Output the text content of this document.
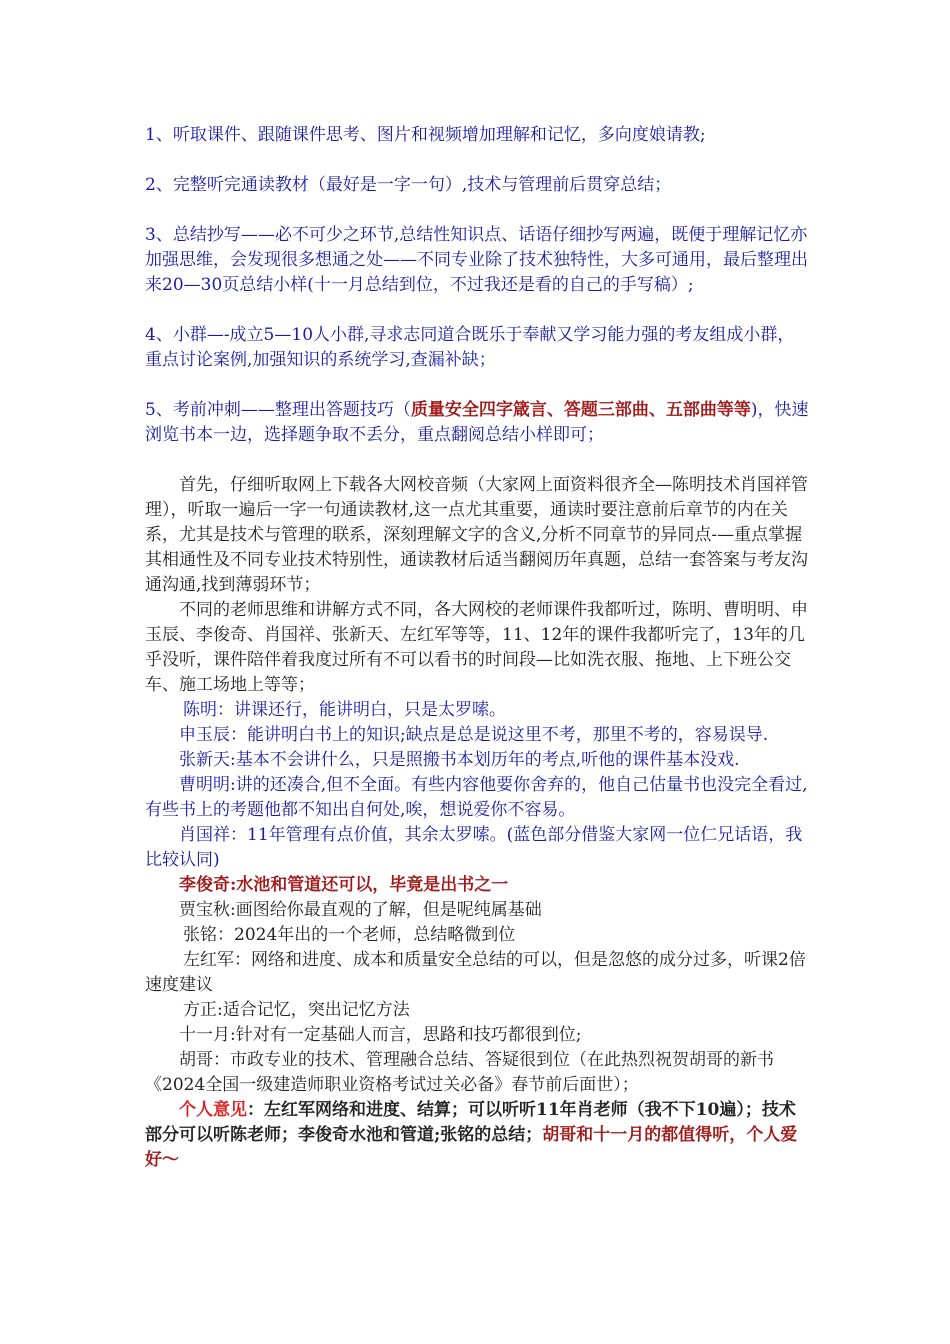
1、听取课件、跟随课件思考、图片和视频增加理解和记忆，多向度娘请教;

2、完整听完通读教材（最好是一字一句）,技术与管理前后贯穿总结；

3、总结抄写——必不可少之环节,总结性知识点、话语仔细抄写两遍，既便于理解记忆亦加强思维，会发现很多想通之处——不同专业除了技术独特性，大多可通用，最后整理出来20—30页总结小样(十一月总结到位，不过我还是看的自己的手写稿）;

4、小群—-成立5—10人小群,寻求志同道合既乐于奉献又学习能力强的考友组成小群，重点讨论案例,加强知识的系统学习,查漏补缺；

5、考前冲刺——整理出答题技巧（质量安全四字箴言、答题三部曲、五部曲等等)，快速浏览书本一边，选择题争取不丢分，重点翻阅总结小样即可；

首先，仔细听取网上下载各大网校音频（大家网上面资料很齐全—陈明技术肖国祥管理），听取一遍后一字一句通读教材,这一点尤其重要，通读时要注意前后章节的内在关系，尤其是技术与管理的联系，深刻理解文字的含义,分析不同章节的异同点-—重点掌握其相通性及不同专业技术特别性，通读教材后适当翻阅历年真题，总结一套答案与考友沟通沟通,找到薄弱环节；

不同的老师思维和讲解方式不同，各大网校的老师课件我都听过，陈明、曹明明、申玉辰、李俊奇、肖国祥、张新天、左红军等等，11、12年的课件我都听完了，13年的几乎没听，课件陪伴着我度过所有不可以看书的时间段—比如洗衣服、拖地、上下班公交车、施工场地上等等；

陈明：讲课还行，能讲明白，只是太罗嗦。

申玉辰：能讲明白书上的知识;缺点是总是说这里不考，那里不考的，容易误导.

张新天:基本不会讲什么，只是照搬书本划历年的考点,听他的课件基本没戏.

曹明明:讲的还凑合,但不全面。有些内容他要你舍弃的，他自己估量书也没完全看过,有些书上的考题他都不知出自何处,唉，想说爱你不容易。

肖国祥：11年管理有点价值，其余太罗嗦。(蓝色部分借鉴大家网一位仁兄话语，我比较认同)

李俊奇:水池和管道还可以，毕竟是出书之一

贾宝秋:画图给你最直观的了解，但是呢纯属基础

张铭：2024年出的一个老师，总结略微到位

左红军：网络和进度、成本和质量安全总结的可以，但是忽悠的成分过多，听课2倍速度建议

方正:适合记忆，突出记忆方法

十一月:针对有一定基础人而言，思路和技巧都很到位;

胡哥：市政专业的技术、管理融合总结、答疑很到位（在此热烈祝贺胡哥的新书《2024全国一级建造师职业资格考试过关必备》春节前后面世）；

个人意见：左红军网络和进度、结算；可以听听11年肖老师（我不下10遍）；技术部分可以听陈老师；李俊奇水池和管道;张铭的总结；胡哥和十一月的都值得听，个人爱好～
